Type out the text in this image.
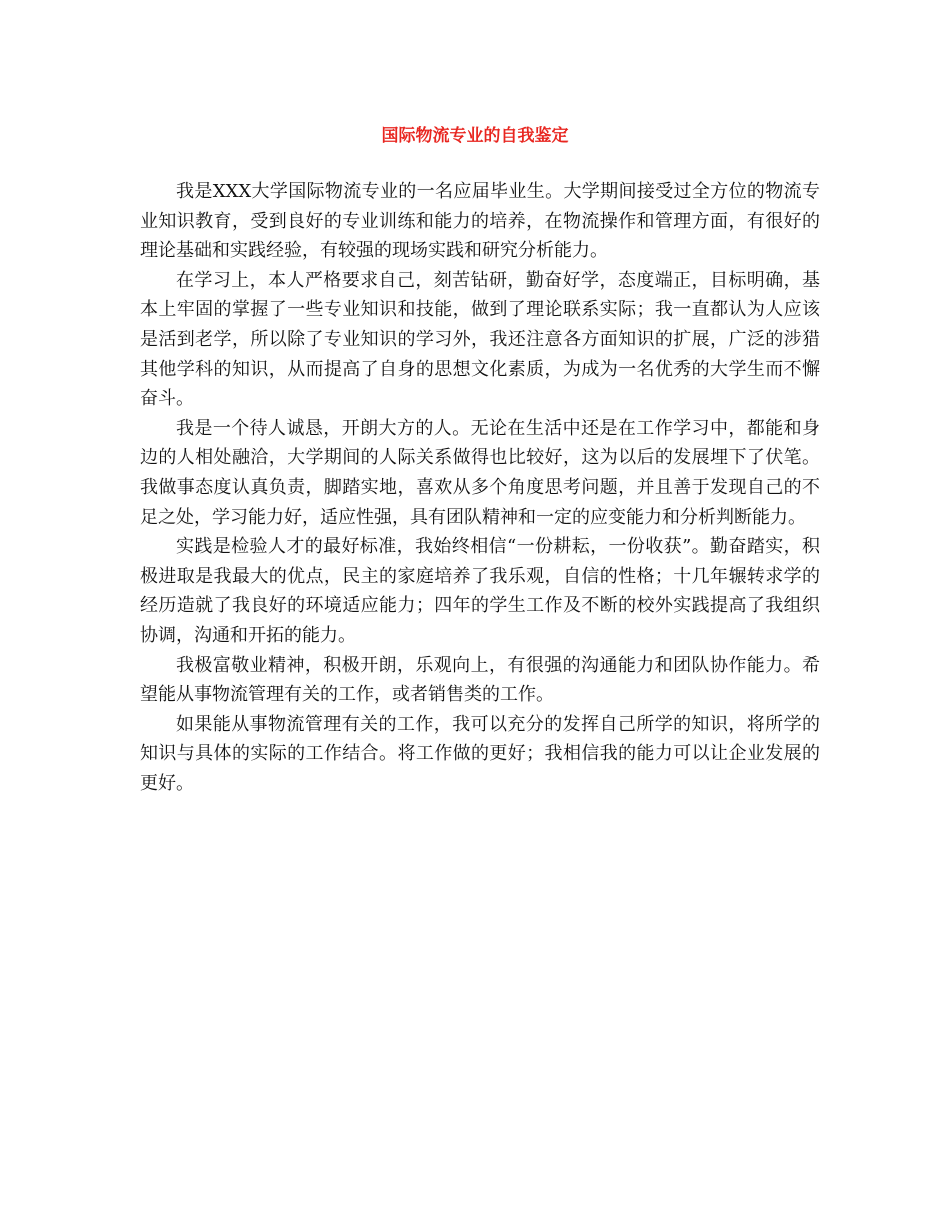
国际物流专业的自我鉴定

我是XXX大学国际物流专业的一名应届毕业生。大学期间接受过全方位的物流专业知识教育，受到良好的专业训练和能力的培养，在物流操作和管理方面，有很好的理论基础和实践经验，有较强的现场实践和研究分析能力。

在学习上，本人严格要求自己，刻苦钻研，勤奋好学，态度端正，目标明确，基本上牢固的掌握了一些专业知识和技能，做到了理论联系实际；我一直都认为人应该是活到老学，所以除了专业知识的学习外，我还注意各方面知识的扩展，广泛的涉猎其他学科的知识，从而提高了自身的思想文化素质，为成为一名优秀的大学生而不懈奋斗。

我是一个待人诚恳，开朗大方的人。无论在生活中还是在工作学习中，都能和身边的人相处融洽，大学期间的人际关系做得也比较好，这为以后的发展埋下了伏笔。我做事态度认真负责，脚踏实地，喜欢从多个角度思考问题，并且善于发现自己的不足之处，学习能力好，适应性强，具有团队精神和一定的应变能力和分析判断能力。

实践是检验人才的最好标准，我始终相信“一份耕耘，一份收获”。勤奋踏实，积极进取是我最大的优点，民主的家庭培养了我乐观，自信的性格；十几年辗转求学的经历造就了我良好的环境适应能力；四年的学生工作及不断的校外实践提高了我组织协调，沟通和开拓的能力。

我极富敬业精神，积极开朗，乐观向上，有很强的沟通能力和团队协作能力。希望能从事物流管理有关的工作，或者销售类的工作。

如果能从事物流管理有关的工作，我可以充分的发挥自己所学的知识，将所学的知识与具体的实际的工作结合。将工作做的更好；我相信我的能力可以让企业发展的更好。
